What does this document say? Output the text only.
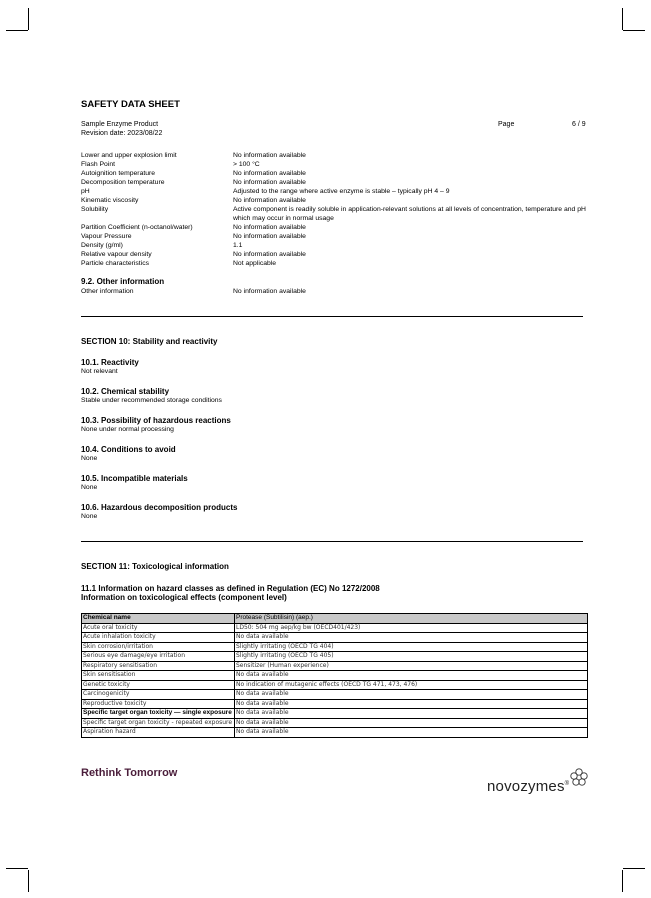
SAFETY DATA SHEET
Sample Enzyme Product
Revision date: 2023/08/22
Page	6 / 9
Lower and upper explosion limit	No information available
Flash Point	> 100 °C
Autoignition temperature	No information available
Decomposition temperature	No information available
pH	Adjusted to the range where active enzyme is stable – typically pH 4 – 9
Kinematic viscosity	No information available
Solubility	Active component is readily soluble in application-relevant solutions at all levels of concentration, temperature and pH which may occur in normal usage
Partition Coefficient (n-octanol/water)	No information available
Vapour Pressure	No information available
Density (g/ml)	1.1
Relative vapour density	No information available
Particle characteristics	Not applicable
9.2. Other information
Other information	No information available
SECTION 10: Stability and reactivity
10.1. Reactivity
Not relevant
10.2. Chemical stability
Stable under recommended storage conditions
10.3. Possibility of hazardous reactions
None under normal processing
10.4. Conditions to avoid
None
10.5. Incompatible materials
None
10.6. Hazardous decomposition products
None
SECTION 11: Toxicological information
11.1 Information on hazard classes as defined in Regulation (EC) No 1272/2008
Information on toxicological effects (component level)
Chemical name	Protease (Subtilisin) (aep.)
Acute oral toxicity	LD50: 504 mg aep/kg bw (OECD401/423)
Acute inhalation toxicity	No data available
Skin corrosion/irritation	Slightly irritating (OECD TG 404)
Serious eye damage/eye irritation	Slightly irritating (OECD TG 405)
Respiratory sensitisation	Sensitizer (Human experience)
Skin sensitisation	No data available
Genetic toxicity	No indication of mutagenic effects (OECD TG 471, 473, 476)
Carcinogenicity	No data available
Reproductive toxicity	No data available
Specific target organ toxicity — single exposure	No data available
Specific target organ toxicity - repeated exposure	No data available
Aspiration hazard	No data available
Rethink Tomorrow
novozymes®
